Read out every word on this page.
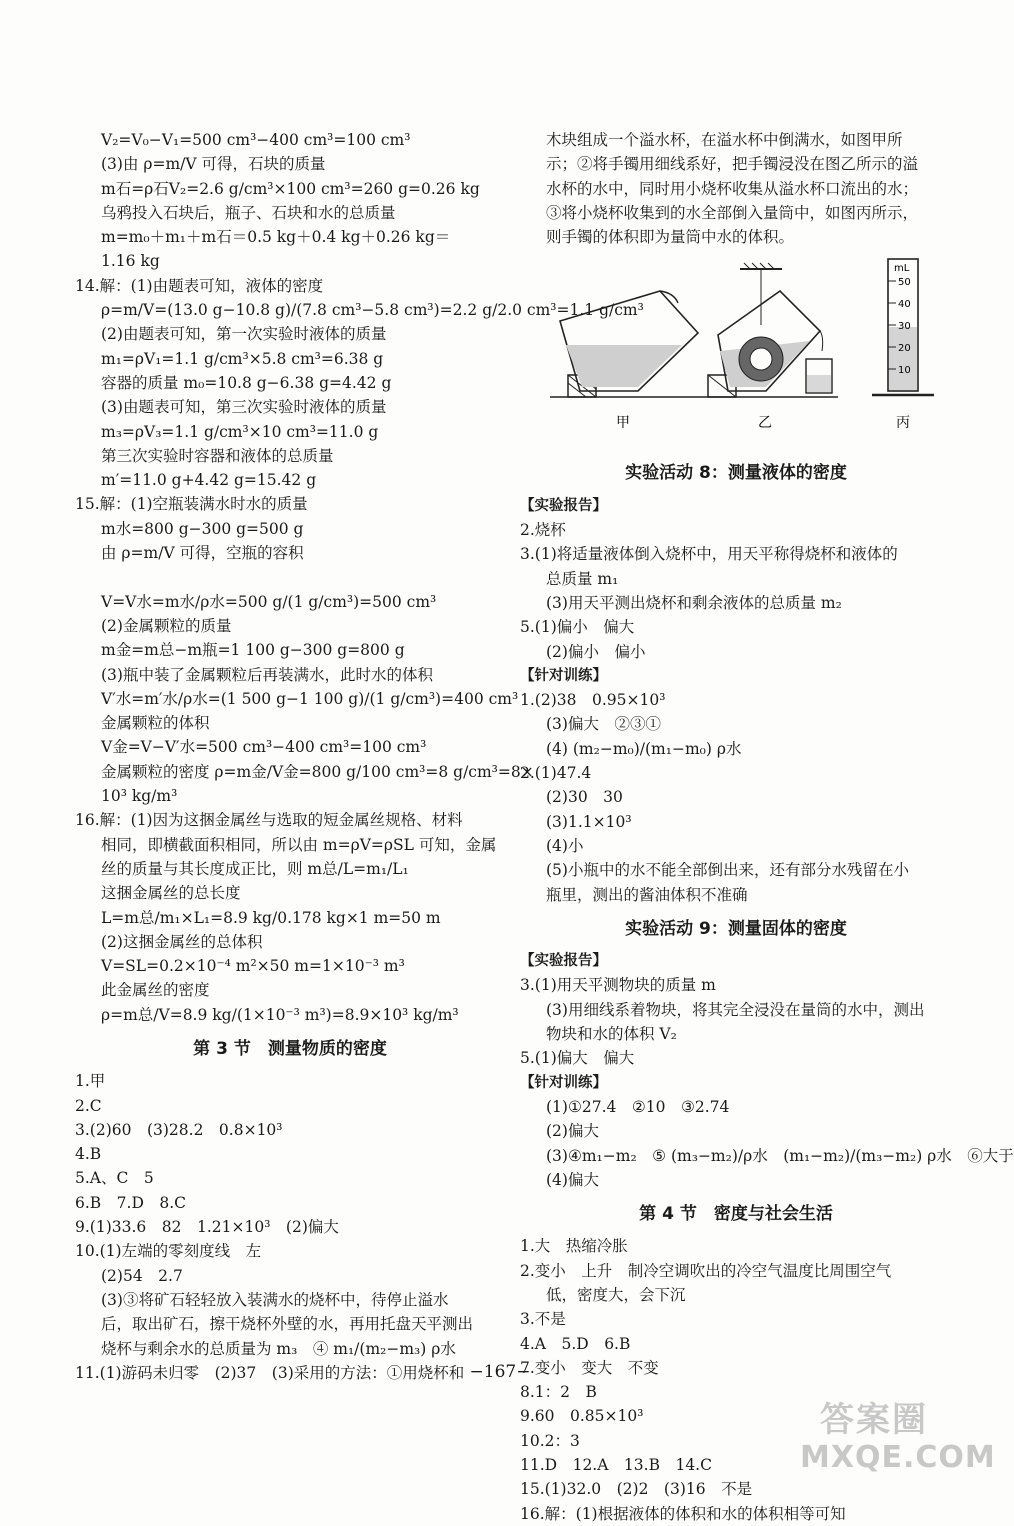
V₂=V₀−V₁=500 cm³−400 cm³=100 cm³
(3)由 ρ=m/V 可得，石块的质量
m石=ρ石V₂=2.6 g/cm³×100 cm³=260 g=0.26 kg
乌鸦投入石块后，瓶子、石块和水的总质量
m=m₀＋m₁＋m石＝0.5 kg＋0.4 kg＋0.26 kg＝
1.16 kg
14.解：(1)由题表可知，液体的密度
ρ=m/V=(13.0 g−10.8 g)/(7.8 cm³−5.8 cm³)=2.2 g/2.0 cm³=1.1 g/cm³
(2)由题表可知，第一次实验时液体的质量
m₁=ρV₁=1.1 g/cm³×5.8 cm³=6.38 g
容器的质量 m₀=10.8 g−6.38 g=4.42 g
(3)由题表可知，第三次实验时液体的质量
m₃=ρV₃=1.1 g/cm³×10 cm³=11.0 g
第三次实验时容器和液体的总质量
m′=11.0 g+4.42 g=15.42 g
15.解：(1)空瓶装满水时水的质量
m水=800 g−300 g=500 g
由 ρ=m/V 可得，空瓶的容积
V=V水=m水/ρ水=500 g/(1 g/cm³)=500 cm³
(2)金属颗粒的质量
m金=m总−m瓶=1 100 g−300 g=800 g
(3)瓶中装了金属颗粒后再装满水，此时水的体积
V′水=m′水/ρ水=(1 500 g−1 100 g)/(1 g/cm³)=400 cm³
金属颗粒的体积
V金=V−V′水=500 cm³−400 cm³=100 cm³
金属颗粒的密度 ρ=m金/V金=800 g/100 cm³=8 g/cm³=8×
10³ kg/m³
16.解：(1)因为这捆金属丝与选取的短金属丝规格、材料
相同，即横截面积相同，所以由 m=ρV=ρSL 可知，金属
丝的质量与其长度成正比，则 m总/L=m₁/L₁
这捆金属丝的总长度
L=m总/m₁×L₁=8.9 kg/0.178 kg×1 m=50 m
(2)这捆金属丝的总体积
V=SL=0.2×10⁻⁴ m²×50 m=1×10⁻³ m³
此金属丝的密度
ρ=m总/V=8.9 kg/(1×10⁻³ m³)=8.9×10³ kg/m³
第 3 节　测量物质的密度
1.甲
2.C
3.(2)60　(3)28.2　0.8×10³
4.B
5.A、C　5
6.B　7.D　8.C
9.(1)33.6　82　1.21×10³　(2)偏大
10.(1)左端的零刻度线　左
(2)54　2.7
(3)③将矿石轻轻放入装满水的烧杯中，待停止溢水
后，取出矿石，擦干烧杯外壁的水，再用托盘天平测出
烧杯与剩余水的总质量为 m₃　④ m₁/(m₂−m₃) ρ水
11.(1)游码未归零　(2)37　(3)采用的方法：①用烧杯和
木块组成一个溢水杯，在溢水杯中倒满水，如图甲所
示；②将手镯用细线系好，把手镯浸没在图乙所示的溢
水杯的水中，同时用小烧杯收集从溢水杯口流出的水；
③将小烧杯收集到的水全部倒入量筒中，如图丙所示，
则手镯的体积即为量筒中水的体积。
mL
50
40
30
20
10
甲	乙	丙
实验活动 8：测量液体的密度
【实验报告】
2.烧杯
3.(1)将适量液体倒入烧杯中，用天平称得烧杯和液体的
总质量 m₁
(3)用天平测出烧杯和剩余液体的总质量 m₂
5.(1)偏小　偏大
(2)偏小　偏小
【针对训练】
1.(2)38　0.95×10³
(3)偏大　②③①
(4) (m₂−m₀)/(m₁−m₀) ρ水
2.(1)47.4
(2)30　30
(3)1.1×10³
(4)小
(5)小瓶中的水不能全部倒出来，还有部分水残留在小
瓶里，测出的酱油体积不准确
实验活动 9：测量固体的密度
【实验报告】
3.(1)用天平测物块的质量 m
(3)用细线系着物块，将其完全浸没在量筒的水中，测出
物块和水的体积 V₂
5.(1)偏大　偏大
【针对训练】
(1)①27.4　②10　③2.74
(2)偏大
(3)④m₁−m₂　⑤ (m₃−m₂)/ρ水　(m₁−m₂)/(m₃−m₂) ρ水　⑥大于
(4)偏大
第 4 节　密度与社会生活
1.大　热缩冷胀
2.变小　上升　制冷空调吹出的冷空气温度比周围空气
低，密度大，会下沉
3.不是
4.A　5.D　6.B
7.变小　变大　不变
8.1：2　B
9.60　0.85×10³
10.2：3
11.D　12.A　13.B　14.C
15.(1)32.0　(2)2　(3)16　不是
16.解：(1)根据液体的体积和水的体积相等可知
−167−
答案圈
MXQE.COM
